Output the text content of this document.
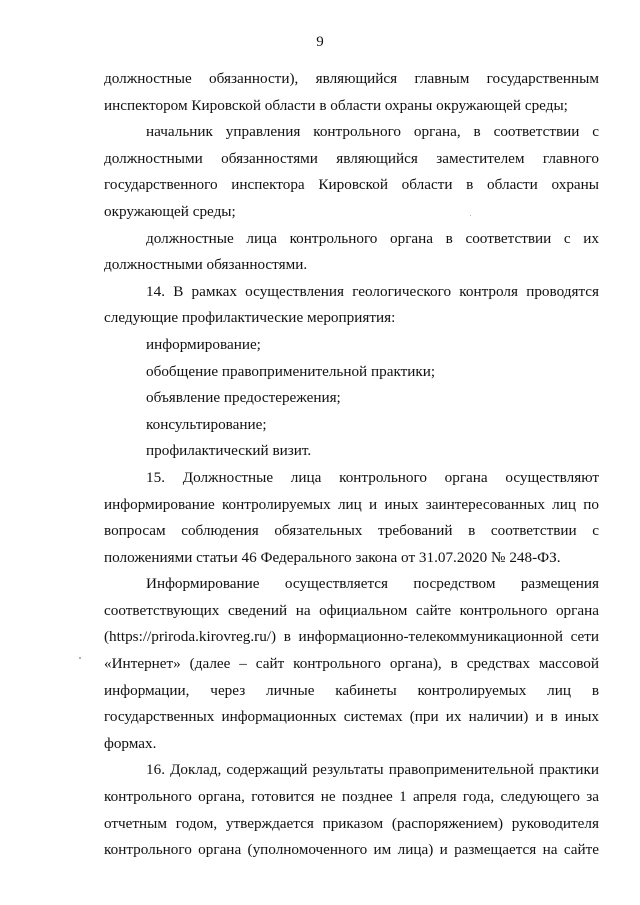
9

должностные обязанности), являющийся главным государственным инспектором Кировской области в области охраны окружающей среды;

начальник управления контрольного органа, в соответствии с должностными обязанностями являющийся заместителем главного государственного инспектора Кировской области в области охраны окружающей среды;

должностные лица контрольного органа в соответствии с их должностными обязанностями.

14. В рамках осуществления геологического контроля проводятся следующие профилактические мероприятия:

информирование;

обобщение правоприменительной практики;

объявление предостережения;

консультирование;

профилактический визит.

15. Должностные лица контрольного органа осуществляют информирование контролируемых лиц и иных заинтересованных лиц по вопросам соблюдения обязательных требований в соответствии с положениями статьи 46 Федерального закона от 31.07.2020 № 248-ФЗ.

Информирование осуществляется посредством размещения соответствующих сведений на официальном сайте контрольного органа (https://priroda.kirovreg.ru/) в информационно-телекоммуникационной сети «Интернет» (далее – сайт контрольного органа), в средствах массовой информации, через личные кабинеты контролируемых лиц в государственных информационных системах (при их наличии) и в иных формах.

16. Доклад, содержащий результаты правоприменительной практики контрольного органа, готовится не позднее 1 апреля года, следующего за отчетным годом, утверждается приказом (распоряжением) руководителя контрольного органа (уполномоченного им лица) и размещается на сайте
